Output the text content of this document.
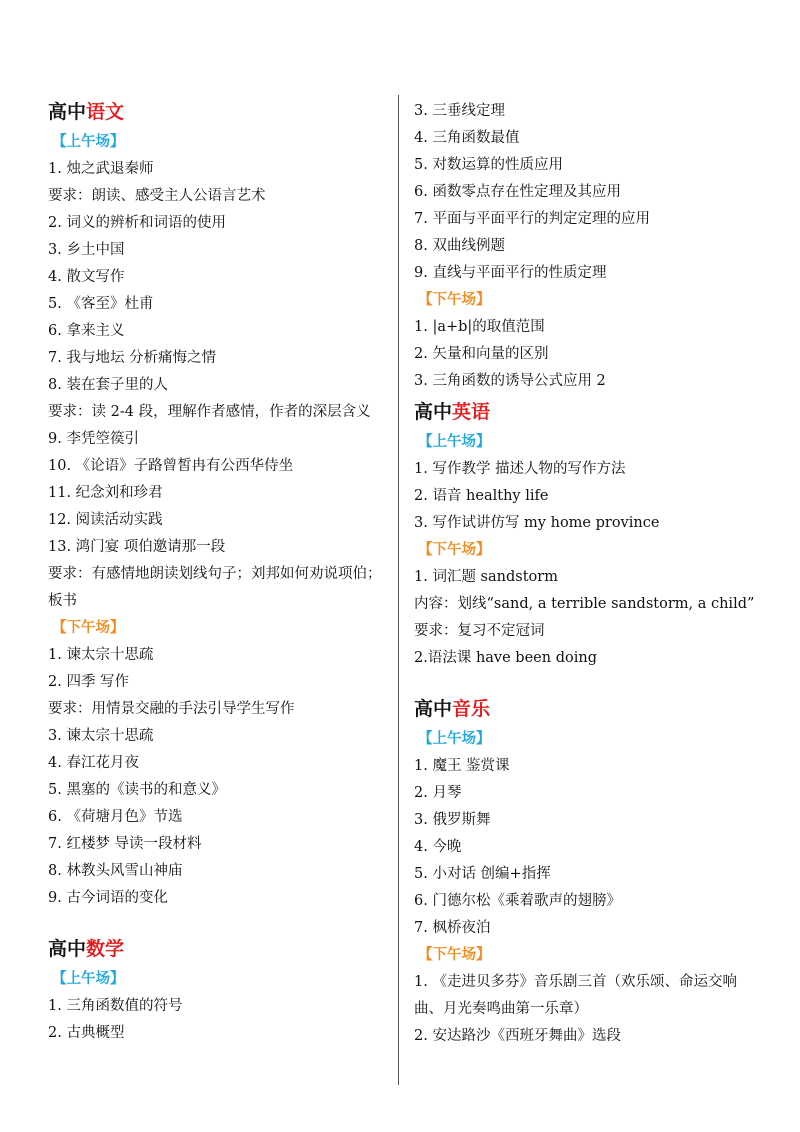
高中语文
【上午场】
1. 烛之武退秦师
要求：朗读、感受主人公语言艺术
2. 词义的辨析和词语的使用
3. 乡土中国
4. 散文写作
5. 《客至》杜甫
6. 拿来主义
7. 我与地坛 分析痛悔之情
8. 装在套子里的人
要求：读 2-4 段，理解作者感情，作者的深层含义
9. 李凭箜篌引
10. 《论语》子路曾皙冉有公西华侍坐
11. 纪念刘和珍君
12. 阅读活动实践
13. 鸿门宴 项伯邀请那一段
要求：有感情地朗读划线句子；刘邦如何劝说项伯；板书
【下午场】
1. 谏太宗十思疏
2. 四季 写作
要求：用情景交融的手法引导学生写作
3. 谏太宗十思疏
4. 春江花月夜
5. 黑塞的《读书的和意义》
6. 《荷塘月色》节选
7. 红楼梦 导读一段材料
8. 林教头风雪山神庙
9. 古今词语的变化
高中数学
【上午场】
1. 三角函数值的符号
2. 古典概型
3. 三垂线定理
4. 三角函数最值
5. 对数运算的性质应用
6. 函数零点存在性定理及其应用
7. 平面与平面平行的判定定理的应用
8. 双曲线例题
9. 直线与平面平行的性质定理
【下午场】
1. |a+b|的取值范围
2. 矢量和向量的区别
3. 三角函数的诱导公式应用 2
高中英语
【上午场】
1. 写作教学 描述人物的写作方法
2. 语音 healthy life
3. 写作试讲仿写 my home province
【下午场】
1. 词汇题 sandstorm
内容：划线“sand, a terrible sandstorm, a child”
要求：复习不定冠词
2.语法课 have been doing
高中音乐
【上午场】
1. 魔王 鉴赏课
2. 月琴
3. 俄罗斯舞
4. 今晚
5. 小对话 创编+指挥
6. 门德尔松《乘着歌声的翅膀》
7. 枫桥夜泊
【下午场】
1. 《走进贝多芬》音乐剧三首（欢乐颂、命运交响曲、月光奏鸣曲第一乐章）
2. 安达路沙《西班牙舞曲》选段
